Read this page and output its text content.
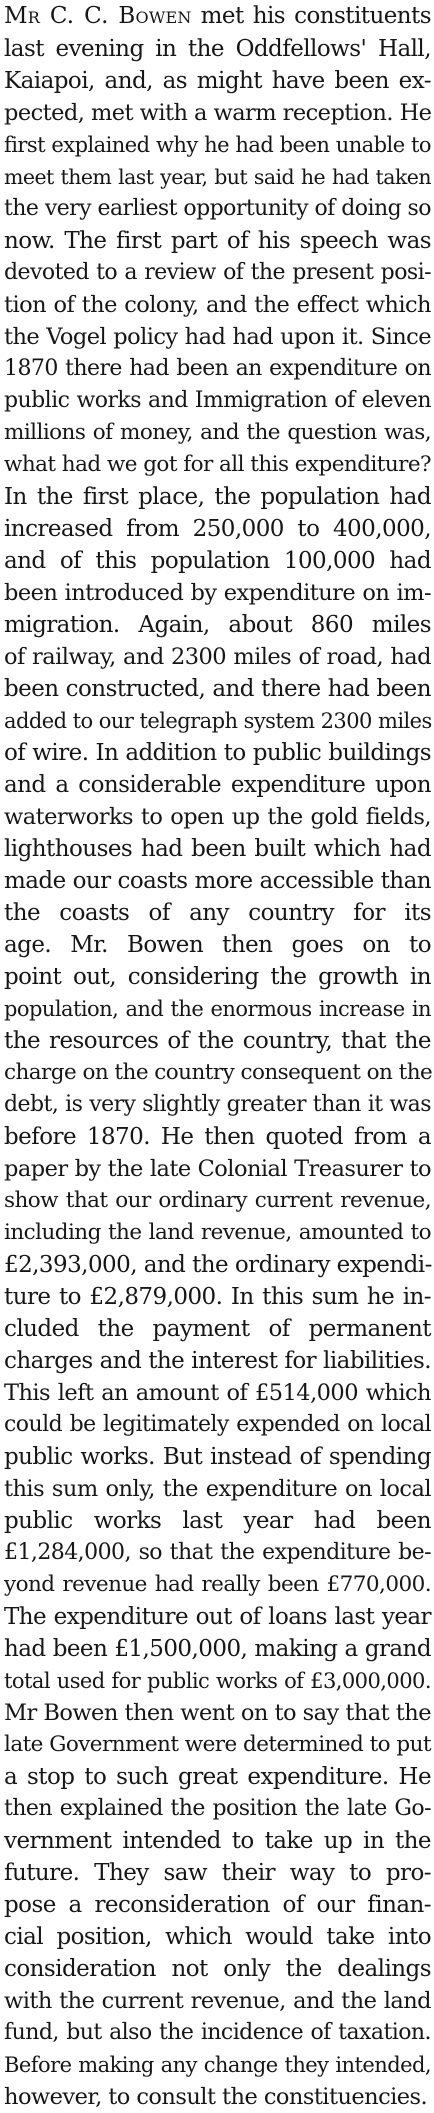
Mr C. C. Bowen met his constituents
last evening in the Oddfellows' Hall,
Kaiapoi, and, as might have been ex-
pected, met with a warm reception. He
first explained why he had been unable to
meet them last year, but said he had taken
the very earliest opportunity of doing so
now. The first part of his speech was
devoted to a review of the present posi-
tion of the colony, and the effect which
the Vogel policy had had upon it. Since
1870 there had been an expenditure on
public works and Immigration of eleven
millions of money, and the question was,
what had we got for all this expenditure?
In the first place, the population had
increased from 250,000 to 400,000,
and of this population 100,000 had
been introduced by expenditure on im-
migration. Again, about 860 miles
of railway, and 2300 miles of road, had
been constructed, and there had been
added to our telegraph system 2300 miles
of wire. In addition to public buildings
and a considerable expenditure upon
waterworks to open up the gold fields,
lighthouses had been built which had
made our coasts more accessible than
the coasts of any country for its
age. Mr. Bowen then goes on to
point out, considering the growth in
population, and the enormous increase in
the resources of the country, that the
charge on the country consequent on the
debt, is very slightly greater than it was
before 1870. He then quoted from a
paper by the late Colonial Treasurer to
show that our ordinary current revenue,
including the land revenue, amounted to
£2,393,000, and the ordinary expendi-
ture to £2,879,000. In this sum he in-
cluded the payment of permanent
charges and the interest for liabilities.
This left an amount of £514,000 which
could be legitimately expended on local
public works. But instead of spending
this sum only, the expenditure on local
public works last year had been
£1,284,000, so that the expenditure be-
yond revenue had really been £770,000.
The expenditure out of loans last year
had been £1,500,000, making a grand
total used for public works of £3,000,000.
Mr Bowen then went on to say that the
late Government were determined to put
a stop to such great expenditure. He
then explained the position the late Go-
vernment intended to take up in the
future. They saw their way to pro-
pose a reconsideration of our finan-
cial position, which would take into
consideration not only the dealings
with the current revenue, and the land
fund, but also the incidence of taxation.
Before making any change they intended,
however, to consult the constituencies.
